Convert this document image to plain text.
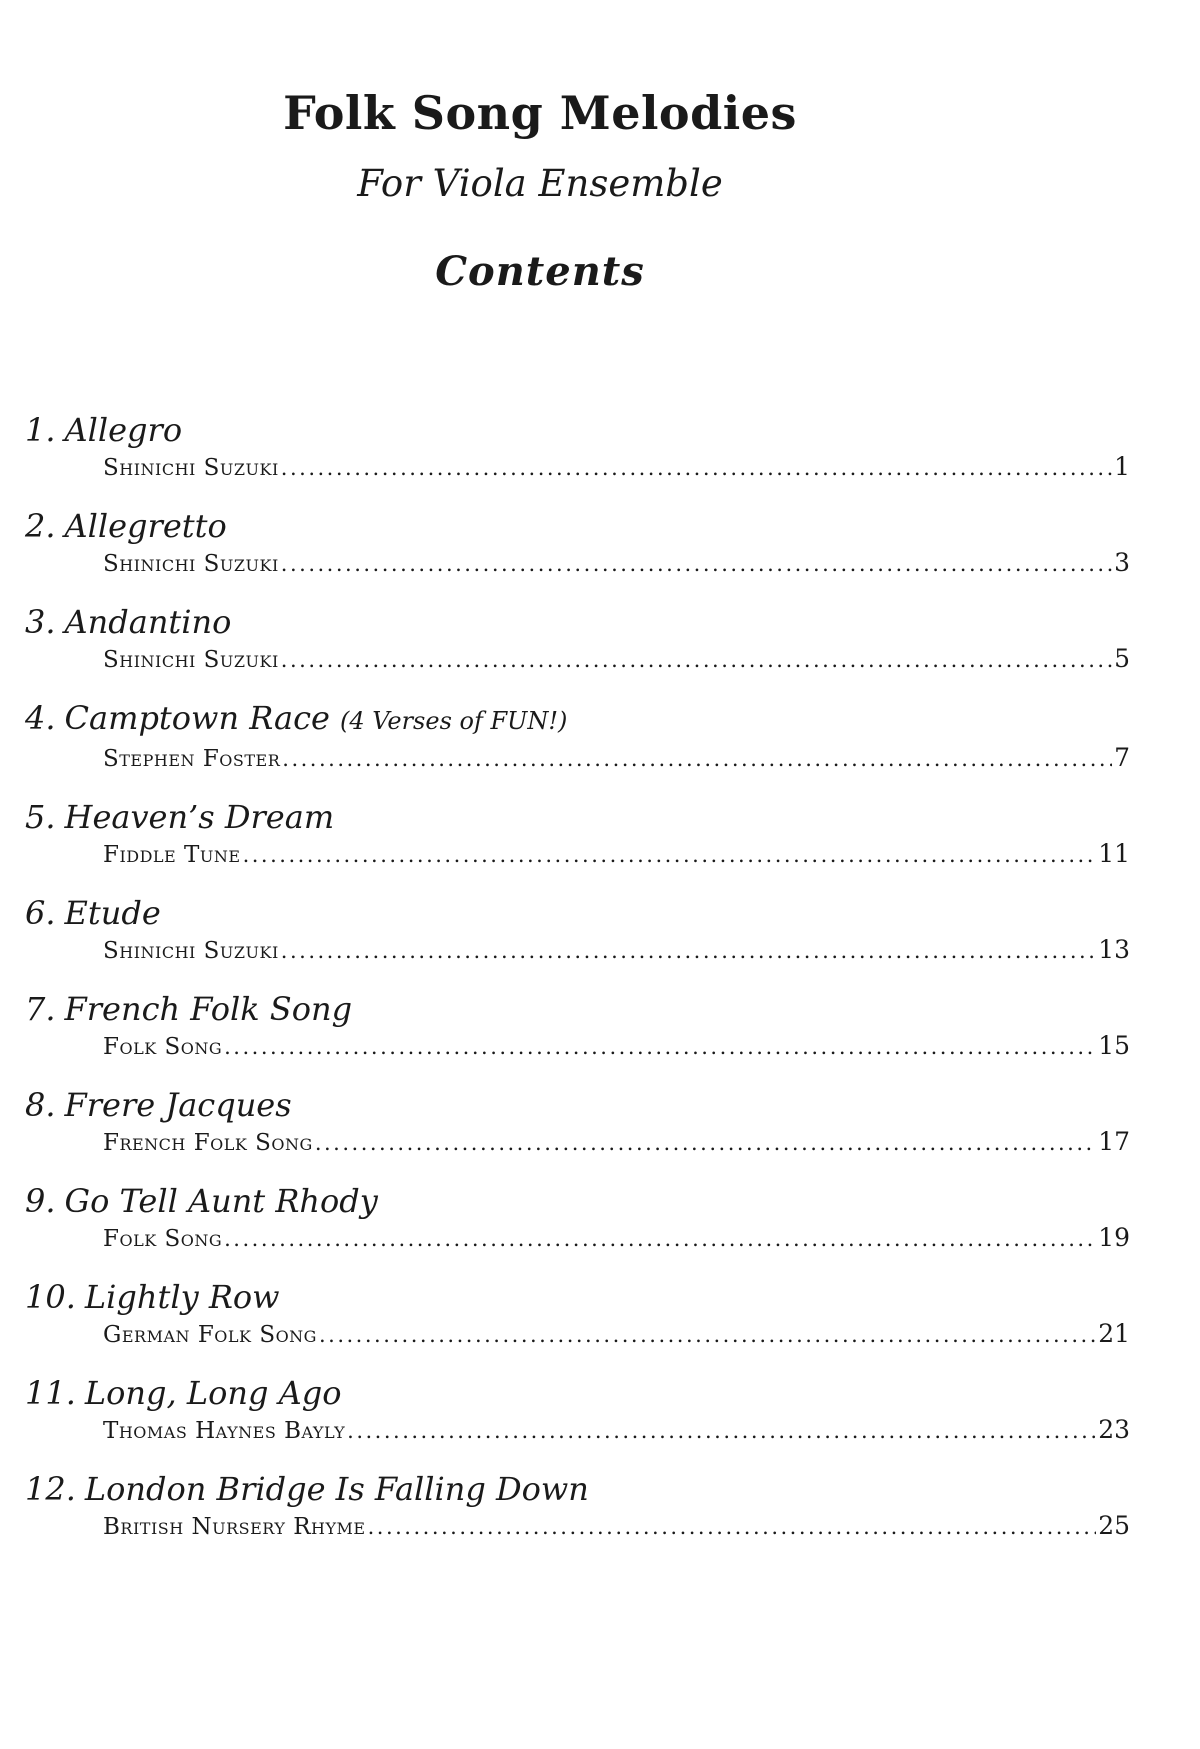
Folk Song Melodies
For Viola Ensemble
Contents
1. Allegro
Shinichi Suzuki .....	1
2. Allegretto
Shinichi Suzuki .....	3
3. Andantino
Shinichi Suzuki .....	5
4. Camptown Race (4 Verses of FUN!)
Stephen Foster .....	7
5. Heaven’s Dream
Fiddle Tune .....	11
6. Etude
Shinichi Suzuki .....	13
7. French Folk Song
Folk Song .....	15
8. Frere Jacques
French Folk Song .....	17
9. Go Tell Aunt Rhody
Folk Song .....	19
10. Lightly Row
German Folk Song .....	21
11. Long, Long Ago
Thomas Haynes Bayly .....	23
12. London Bridge Is Falling Down
British Nursery Rhyme .....	25
